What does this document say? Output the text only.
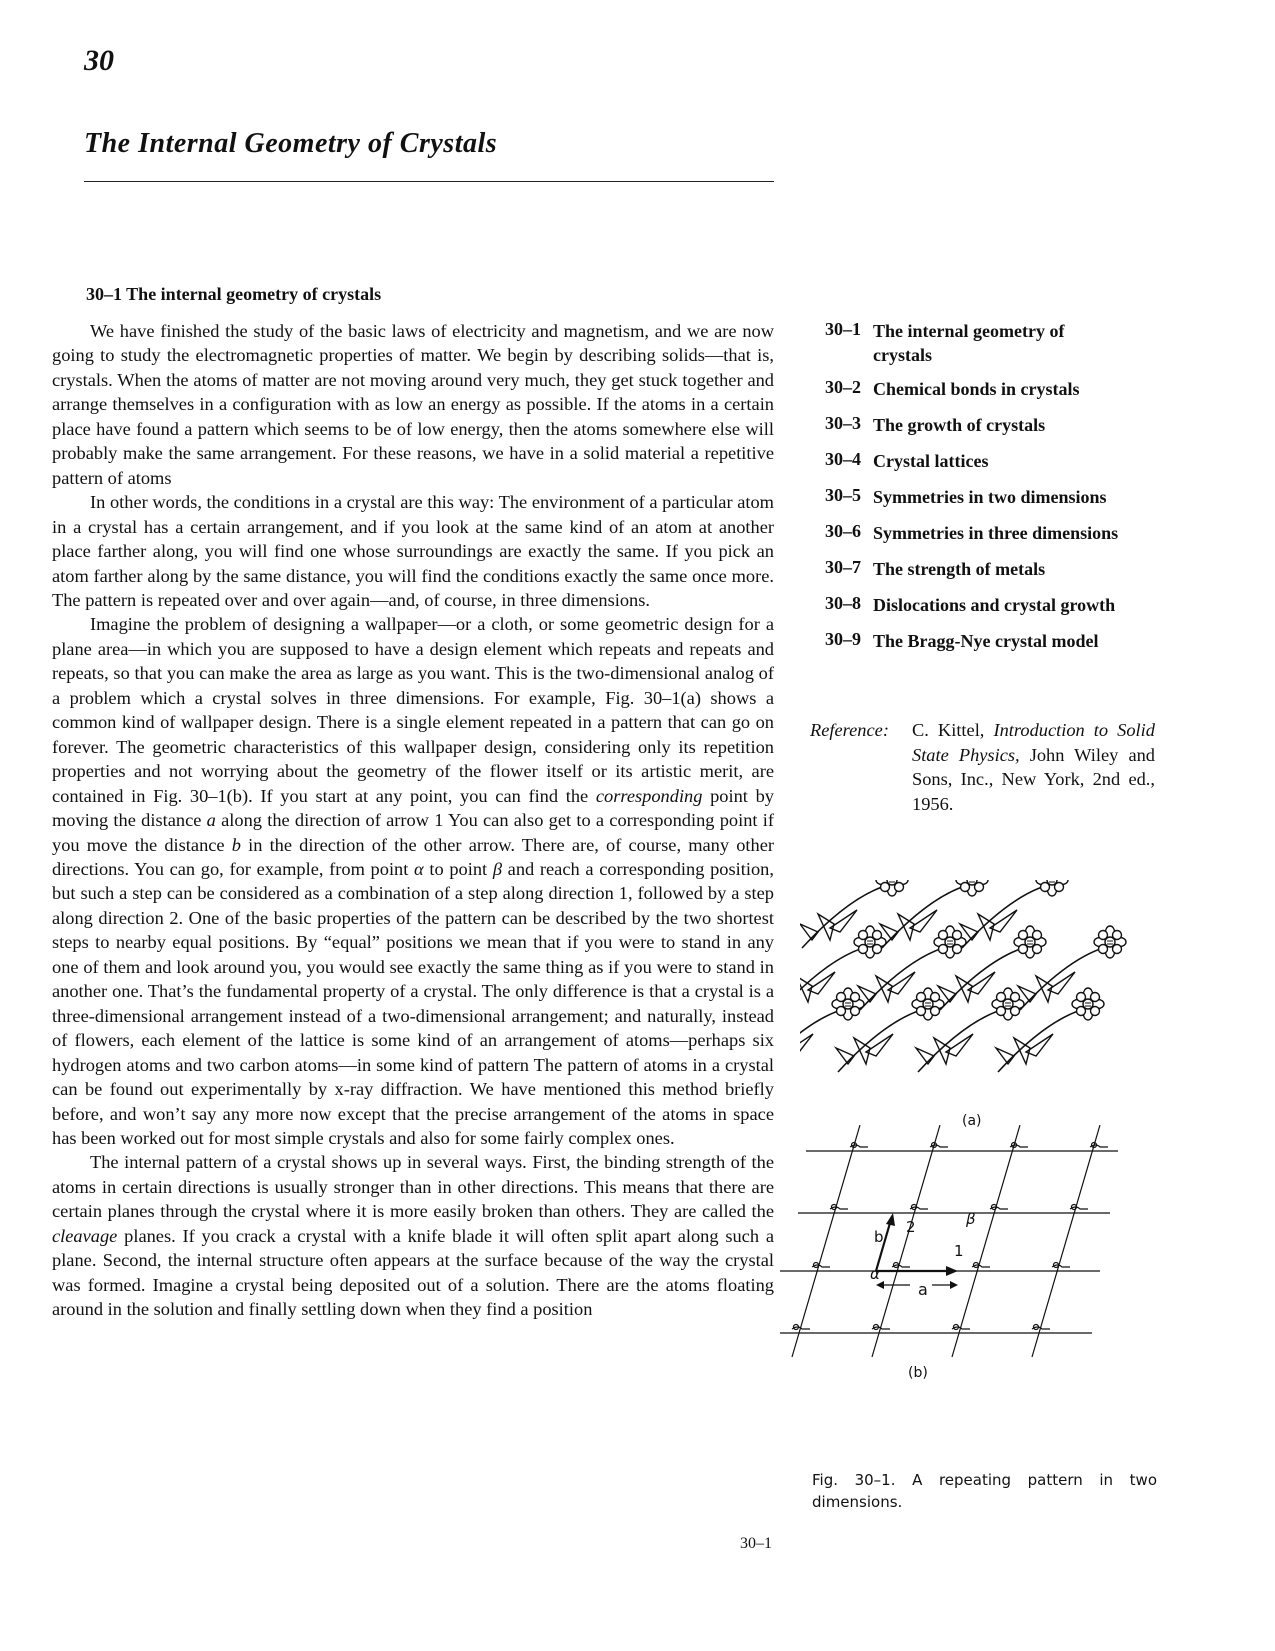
30
The Internal Geometry of Crystals
30–1 The internal geometry of crystals

We have finished the study of the basic laws of electricity and magnetism, and we are now going to study the electromagnetic properties of matter. We begin by describing solids—that is, crystals. When the atoms of matter are not moving around very much, they get stuck together and arrange themselves in a configuration with as low an energy as possible. If the atoms in a certain place have found a pattern which seems to be of low energy, then the atoms somewhere else will probably make the same arrangement. For these reasons, we have in a solid material a repetitive pattern of atoms

In other words, the conditions in a crystal are this way: The environment of a particular atom in a crystal has a certain arrangement, and if you look at the same kind of an atom at another place farther along, you will find one whose surroundings are exactly the same. If you pick an atom farther along by the same distance, you will find the conditions exactly the same once more. The pattern is repeated over and over again—and, of course, in three dimensions.

Imagine the problem of designing a wallpaper—or a cloth, or some geometric design for a plane area—in which you are supposed to have a design element which repeats and repeats and repeats, so that you can make the area as large as you want. This is the two-dimensional analog of a problem which a crystal solves in three dimensions. For example, Fig. 30–1(a) shows a common kind of wallpaper design. There is a single element repeated in a pattern that can go on forever. The geometric characteristics of this wallpaper design, considering only its repetition properties and not worrying about the geometry of the flower itself or its artistic merit, are contained in Fig. 30–1(b). If you start at any point, you can find the corresponding point by moving the distance a along the direction of arrow 1 You can also get to a corresponding point if you move the distance b in the direction of the other arrow. There are, of course, many other directions. You can go, for example, from point α to point β and reach a corresponding position, but such a step can be considered as a combination of a step along direction 1, followed by a step along direction 2. One of the basic properties of the pattern can be described by the two shortest steps to nearby equal positions. By “equal” positions we mean that if you were to stand in any one of them and look around you, you would see exactly the same thing as if you were to stand in another one. That’s the fundamental property of a crystal. The only difference is that a crystal is a three-dimensional arrangement instead of a two-dimensional arrangement; and naturally, instead of flowers, each element of the lattice is some kind of an arrangement of atoms—perhaps six hydrogen atoms and two carbon atoms—in some kind of pattern The pattern of atoms in a crystal can be found out experimentally by x-ray diffraction. We have mentioned this method briefly before, and won’t say any more now except that the precise arrangement of the atoms in space has been worked out for most simple crystals and also for some fairly complex ones.

The internal pattern of a crystal shows up in several ways. First, the binding strength of the atoms in certain directions is usually stronger than in other directions. This means that there are certain planes through the crystal where it is more easily broken than others. They are called the cleavage planes. If you crack a crystal with a knife blade it will often split apart along such a plane. Second, the internal structure often appears at the surface because of the way the crystal was formed. Imagine a crystal being deposited out of a solution. There are the atoms floating around in the solution and finally settling down when they find a position

30–1 The internal geometry of crystals
30–2 Chemical bonds in crystals
30–3 The growth of crystals
30–4 Crystal lattices
30–5 Symmetries in two dimensions
30–6 Symmetries in three dimensions
30–7 The strength of metals
30–8 Dislocations and crystal growth
30–9 The Bragg-Nye crystal model
Reference: C. Kittel, Introduction to Solid State Physics, John Wiley and Sons, Inc., New York, 2nd ed., 1956.
(a)
a
1
2
b
α
β
(b)
Fig. 30–1. A repeating pattern in two dimensions.
30–1
